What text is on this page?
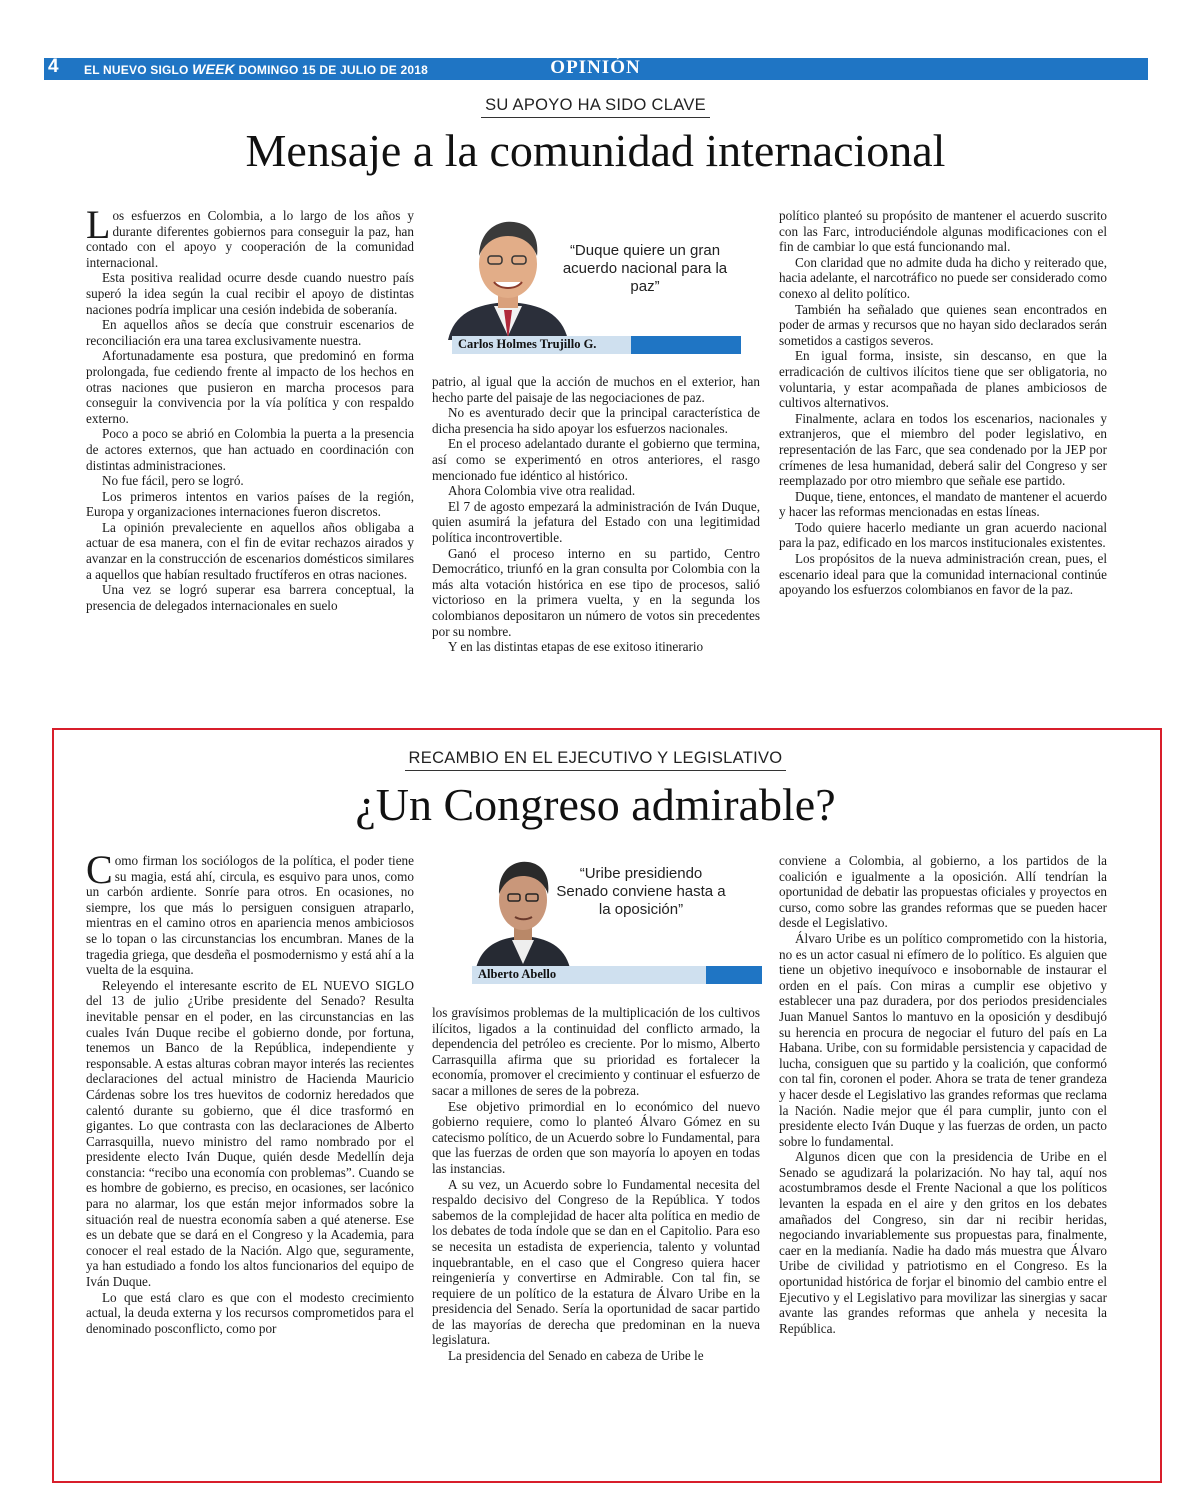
4 EL NUEVO SIGLO WEEK DOMINGO 15 DE JULIO DE 2018	OPINIÓN
SU APOYO HA SIDO CLAVE
Mensaje a la comunidad internacional

Los esfuerzos en Colombia, a lo largo de los años y durante diferentes gobiernos para conseguir la paz, han contado con el apoyo y cooperación de la comunidad internacional.

Esta positiva realidad ocurre desde cuando nuestro país superó la idea según la cual recibir el apoyo de distintas naciones podría implicar una cesión indebida de soberanía.

En aquellos años se decía que construir escenarios de reconciliación era una tarea exclusivamente nuestra.

Afortunadamente esa postura, que predominó en forma prolongada, fue cediendo frente al impacto de los hechos en otras naciones que pusieron en marcha procesos para conseguir la convivencia por la vía política y con respaldo externo.

Poco a poco se abrió en Colombia la puerta a la presencia de actores externos, que han actuado en coordinación con distintas administraciones.

No fue fácil, pero se logró.

Los primeros intentos en varios países de la región, Europa y organizaciones internaciones fueron discretos.

La opinión prevaleciente en aquellos años obligaba a actuar de esa manera, con el fin de evitar rechazos airados y avanzar en la construcción de escenarios domésticos similares a aquellos que habían resultado fructíferos en otras naciones.

Una vez se logró superar esa barrera conceptual, la presencia de delegados internacionales en suelo

“Duque quiere un gran acuerdo nacional para la paz”
Carlos Holmes Trujillo G.

patrio, al igual que la acción de muchos en el exterior, han hecho parte del paisaje de las negociaciones de paz.

No es aventurado decir que la principal característica de dicha presencia ha sido apoyar los esfuerzos nacionales.

En el proceso adelantado durante el gobierno que termina, así como se experimentó en otros anteriores, el rasgo mencionado fue idéntico al histórico.

Ahora Colombia vive otra realidad.

El 7 de agosto empezará la administración de Iván Duque, quien asumirá la jefatura del Estado con una legitimidad política incontrovertible.

Ganó el proceso interno en su partido, Centro Democrático, triunfó en la gran consulta por Colombia con la más alta votación histórica en ese tipo de procesos, salió victorioso en la primera vuelta, y en la segunda los colombianos depositaron un número de votos sin precedentes por su nombre.

Y en las distintas etapas de ese exitoso itinerario

político planteó su propósito de mantener el acuerdo suscrito con las Farc, introduciéndole algunas modificaciones con el fin de cambiar lo que está funcionando mal.

Con claridad que no admite duda ha dicho y reiterado que, hacia adelante, el narcotráfico no puede ser considerado como conexo al delito político.

También ha señalado que quienes sean encontrados en poder de armas y recursos que no hayan sido declarados serán sometidos a castigos severos.

En igual forma, insiste, sin descanso, en que la erradicación de cultivos ilícitos tiene que ser obligatoria, no voluntaria, y estar acompañada de planes ambiciosos de cultivos alternativos.

Finalmente, aclara en todos los escenarios, nacionales y extranjeros, que el miembro del poder legislativo, en representación de las Farc, que sea condenado por la JEP por crímenes de lesa humanidad, deberá salir del Congreso y ser reemplazado por otro miembro que señale ese partido.

Duque, tiene, entonces, el mandato de mantener el acuerdo y hacer las reformas mencionadas en estas líneas.

Todo quiere hacerlo mediante un gran acuerdo nacional para la paz, edificado en los marcos institucionales existentes.

Los propósitos de la nueva administración crean, pues, el escenario ideal para que la comunidad internacional continúe apoyando los esfuerzos colombianos en favor de la paz.

RECAMBIO EN EL EJECUTIVO Y LEGISLATIVO
¿Un Congreso admirable?

Como firman los sociólogos de la política, el poder tiene su magia, está ahí, circula, es esquivo para unos, como un carbón ardiente. Sonríe para otros. En ocasiones, no siempre, los que más lo persiguen consiguen atraparlo, mientras en el camino otros en apariencia menos ambiciosos se lo topan o las circunstancias los encumbran. Manes de la tragedia griega, que desdeña el posmodernismo y está ahí a la vuelta de la esquina.

Releyendo el interesante escrito de EL NUEVO SIGLO del 13 de julio ¿Uribe presidente del Senado? Resulta inevitable pensar en el poder, en las circunstancias en las cuales Iván Duque recibe el gobierno donde, por fortuna, tenemos un Banco de la República, independiente y responsable. A estas alturas cobran mayor interés las recientes declaraciones del actual ministro de Hacienda Mauricio Cárdenas sobre los tres huevitos de codorniz heredados que calentó durante su gobierno, que él dice trasformó en gigantes. Lo que contrasta con las declaraciones de Alberto Carrasquilla, nuevo ministro del ramo nombrado por el presidente electo Iván Duque, quién desde Medellín deja constancia: “recibo una economía con problemas”. Cuando se es hombre de gobierno, es preciso, en ocasiones, ser lacónico para no alarmar, los que están mejor informados sobre la situación real de nuestra economía saben a qué atenerse. Ese es un debate que se dará en el Congreso y la Academia, para conocer el real estado de la Nación. Algo que, seguramente, ya han estudiado a fondo los altos funcionarios del equipo de Iván Duque.

Lo que está claro es que con el modesto crecimiento actual, la deuda externa y los recursos comprometidos para el denominado posconflicto, como por

“Uribe presidiendo Senado conviene hasta a la oposición”
Alberto Abello

los gravísimos problemas de la multiplicación de los cultivos ilícitos, ligados a la continuidad del conflicto armado, la dependencia del petróleo es creciente. Por lo mismo, Alberto Carrasquilla afirma que su prioridad es fortalecer la economía, promover el crecimiento y continuar el esfuerzo de sacar a millones de seres de la pobreza.

Ese objetivo primordial en lo económico del nuevo gobierno requiere, como lo planteó Álvaro Gómez en su catecismo político, de un Acuerdo sobre lo Fundamental, para que las fuerzas de orden que son mayoría lo apoyen en todas las instancias.

A su vez, un Acuerdo sobre lo Fundamental necesita del respaldo decisivo del Congreso de la República. Y todos sabemos de la complejidad de hacer alta política en medio de los debates de toda índole que se dan en el Capitolio. Para eso se necesita un estadista de experiencia, talento y voluntad inquebrantable, en el caso que el Congreso quiera hacer reingeniería y convertirse en Admirable. Con tal fin, se requiere de un político de la estatura de Álvaro Uribe en la presidencia del Senado. Sería la oportunidad de sacar partido de las mayorías de derecha que predominan en la nueva legislatura.

La presidencia del Senado en cabeza de Uribe le

conviene a Colombia, al gobierno, a los partidos de la coalición e igualmente a la oposición. Allí tendrían la oportunidad de debatir las propuestas oficiales y proyectos en curso, como sobre las grandes reformas que se pueden hacer desde el Legislativo.

Álvaro Uribe es un político comprometido con la historia, no es un actor casual ni efímero de lo político. Es alguien que tiene un objetivo inequívoco e insobornable de instaurar el orden en el país. Con miras a cumplir ese objetivo y establecer una paz duradera, por dos periodos presidenciales Juan Manuel Santos lo mantuvo en la oposición y desdibujó su herencia en procura de negociar el futuro del país en La Habana. Uribe, con su formidable persistencia y capacidad de lucha, consiguen que su partido y la coalición, que conformó con tal fin, coronen el poder. Ahora se trata de tener grandeza y hacer desde el Legislativo las grandes reformas que reclama la Nación. Nadie mejor que él para cumplir, junto con el presidente electo Iván Duque y las fuerzas de orden, un pacto sobre lo fundamental.

Algunos dicen que con la presidencia de Uribe en el Senado se agudizará la polarización. No hay tal, aquí nos acostumbramos desde el Frente Nacional a que los políticos levanten la espada en el aire y den gritos en los debates amañados del Congreso, sin dar ni recibir heridas, negociando invariablemente sus propuestas para, finalmente, caer en la medianía. Nadie ha dado más muestra que Álvaro Uribe de civilidad y patriotismo en el Congreso. Es la oportunidad histórica de forjar el binomio del cambio entre el Ejecutivo y el Legislativo para movilizar las sinergias y sacar avante las grandes reformas que anhela y necesita la República.
